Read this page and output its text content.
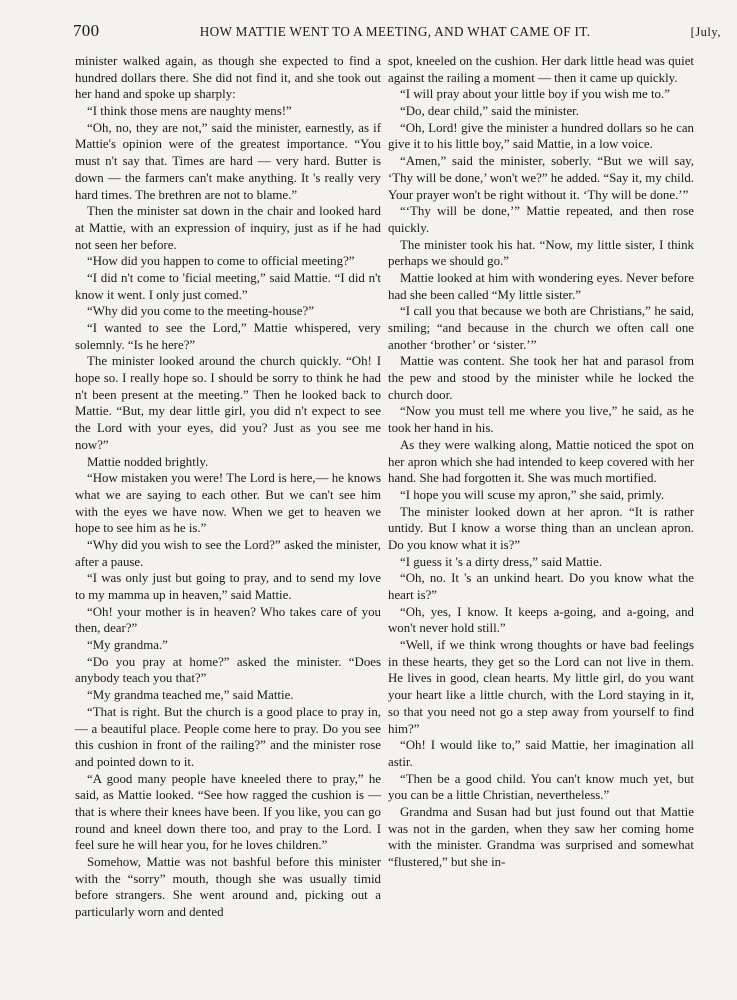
700	HOW MATTIE WENT TO A MEETING, AND WHAT CAME OF IT.	[July,

minister walked again, as though she expected to find a hundred dollars there. She did not find it, and she took out her hand and spoke up sharply:

“I think those mens are naughty mens!”

“Oh, no, they are not,” said the minister, earnestly, as if Mattie's opinion were of the greatest importance. “You must n't say that. Times are hard — very hard. Butter is down — the farmers can't make anything. It 's really very hard times. The brethren are not to blame.”

Then the minister sat down in the chair and looked hard at Mattie, with an expression of inquiry, just as if he had not seen her before.

“How did you happen to come to official meeting?”

“I did n't come to 'ficial meeting,” said Mattie. “I did n't know it went. I only just comed.”

“Why did you come to the meeting-house?”

“I wanted to see the Lord,” Mattie whispered, very solemnly. “Is he here?”

The minister looked around the church quickly. “Oh! I hope so. I really hope so. I should be sorry to think he had n't been present at the meeting.” Then he looked back to Mattie. “But, my dear little girl, you did n't expect to see the Lord with your eyes, did you? Just as you see me now?”

Mattie nodded brightly.

“How mistaken you were! The Lord is here,— he knows what we are saying to each other. But we can't see him with the eyes we have now. When we get to heaven we hope to see him as he is.”

“Why did you wish to see the Lord?” asked the minister, after a pause.

“I was only just but going to pray, and to send my love to my mamma up in heaven,” said Mattie.

“Oh! your mother is in heaven? Who takes care of you then, dear?”

“My grandma.”

“Do you pray at home?” asked the minister. “Does anybody teach you that?”

“My grandma teached me,” said Mattie.

“That is right. But the church is a good place to pray in,— a beautiful place. People come here to pray. Do you see this cushion in front of the railing?” and the minister rose and pointed down to it.

“A good many people have kneeled there to pray,” he said, as Mattie looked. “See how ragged the cushion is — that is where their knees have been. If you like, you can go round and kneel down there too, and pray to the Lord. I feel sure he will hear you, for he loves children.”

Somehow, Mattie was not bashful before this minister with the “sorry” mouth, though she was usually timid before strangers. She went around and, picking out a particularly worn and dented

spot, kneeled on the cushion. Her dark little head was quiet against the railing a moment — then it came up quickly.

“I will pray about your little boy if you wish me to.”

“Do, dear child,” said the minister.

“Oh, Lord! give the minister a hundred dollars so he can give it to his little boy,” said Mattie, in a low voice.

“Amen,” said the minister, soberly. “But we will say, ‘Thy will be done,’ won't we?” he added. “Say it, my child. Your prayer won't be right without it. ‘Thy will be done.’”

“‘Thy will be done,’” Mattie repeated, and then rose quickly.

The minister took his hat. “Now, my little sister, I think perhaps we should go.”

Mattie looked at him with wondering eyes. Never before had she been called “My little sister.”

“I call you that because we both are Christians,” he said, smiling; “and because in the church we often call one another ‘brother’ or ‘sister.’”

Mattie was content. She took her hat and parasol from the pew and stood by the minister while he locked the church door.

“Now you must tell me where you live,” he said, as he took her hand in his.

As they were walking along, Mattie noticed the spot on her apron which she had intended to keep covered with her hand. She had forgotten it. She was much mortified.

“I hope you will scuse my apron,” she said, primly.

The minister looked down at her apron. “It is rather untidy. But I know a worse thing than an unclean apron. Do you know what it is?”

“I guess it 's a dirty dress,” said Mattie.

“Oh, no. It 's an unkind heart. Do you know what the heart is?”

“Oh, yes, I know. It keeps a-going, and a-going, and won't never hold still.”

“Well, if we think wrong thoughts or have bad feelings in these hearts, they get so the Lord can not live in them. He lives in good, clean hearts. My little girl, do you want your heart like a little church, with the Lord staying in it, so that you need not go a step away from yourself to find him?”

“Oh! I would like to,” said Mattie, her imagination all astir.

“Then be a good child. You can't know much yet, but you can be a little Christian, nevertheless.”

Grandma and Susan had but just found out that Mattie was not in the garden, when they saw her coming home with the minister. Grandma was surprised and somewhat “flustered,” but she in-
